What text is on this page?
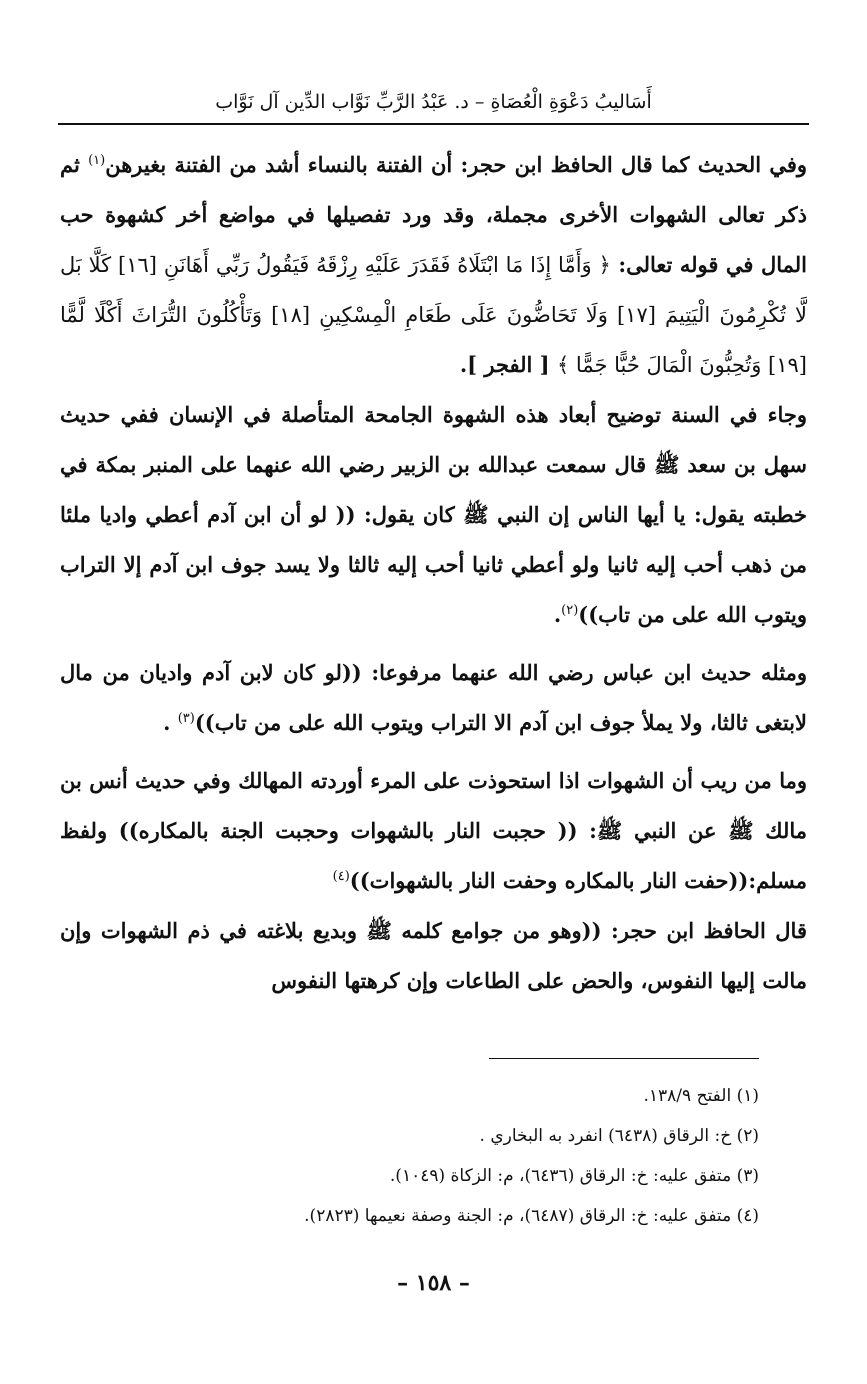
أَسَاليبُ دَعْوَةِ الْعُصَاةِ – د. عَبْدُ الرَّبِّ نَوَّاب الدِّين آل نَوَّاب

وفي الحديث كما قال الحافظ ابن حجر: أن الفتنة بالنساء أشد من الفتنة بغيرهن$^{(١)}$ ثم ذكر تعالى الشهوات الأخرى مجملة، وقد ورد تفصيلها في مواضع أخر كشهوة حب المال في قوله تعالى: ﴿ وَأَمَّا إِذَا مَا ابْتَلَاهُ فَقَدَرَ عَلَيْهِ رِزْقَهُ فَيَقُولُ رَبِّي أَهَانَنِ [١٦] كَلَّا بَل لَّا تُكْرِمُونَ الْيَتِيمَ [١٧] وَلَا تَحَاضُّونَ عَلَى طَعَامِ الْمِسْكِينِ [١٨] وَتَأْكُلُونَ التُّرَاثَ أَكْلًا لَّمًّا [١٩] وَتُحِبُّونَ الْمَالَ حُبًّا جَمًّا ﴾ [ الفجر ].

وجاء في السنة توضيح أبعاد هذه الشهوة الجامحة المتأصلة في الإنسان ففي حديث سهل بن سعد ﷺ قال سمعت عبدالله بن الزبير رضي الله عنهما على المنبر بمكة في خطبته يقول: يا أيها الناس إن النبي ﷺ كان يقول: (( لو أن ابن آدم أعطي واديا ملئا من ذهب أحب إليه ثانيا ولو أعطي ثانيا أحب إليه ثالثا ولا يسد جوف ابن آدم إلا التراب ويتوب الله على من تاب))$^{(٢)}$.

ومثله حديث ابن عباس رضي الله عنهما مرفوعا: ((لو كان لابن آدم واديان من مال لابتغى ثالثا، ولا يملأ جوف ابن آدم الا التراب ويتوب الله على من تاب))$^{(٣)}$ .

وما من ريب أن الشهوات اذا استحوذت على المرء أوردته المهالك وفي حديث أنس بن مالك ﷺ عن النبي ﷺ: (( حجبت النار بالشهوات وحجبت الجنة بالمكاره)) ولفظ مسلم:((حفت النار بالمكاره وحفت النار بالشهوات))$^{(٤)}$

قال الحافظ ابن حجر: ((وهو من جوامع كلمه ﷺ وبديع بلاغته في ذم الشهوات وإن مالت إليها النفوس، والحض على الطاعات وإن كرهتها النفوس

(١) الفتح ١٣٨/٩.

(٢) خ: الرقاق (٦٤٣٨) انفرد به البخاري .

(٣) متفق عليه: خ: الرقاق (٦٤٣٦)، م: الزكاة (١٠٤٩).

(٤) متفق عليه: خ: الرقاق (٦٤٨٧)، م: الجنة وصفة نعيمها (٢٨٢٣).

– ١٥٨ –
